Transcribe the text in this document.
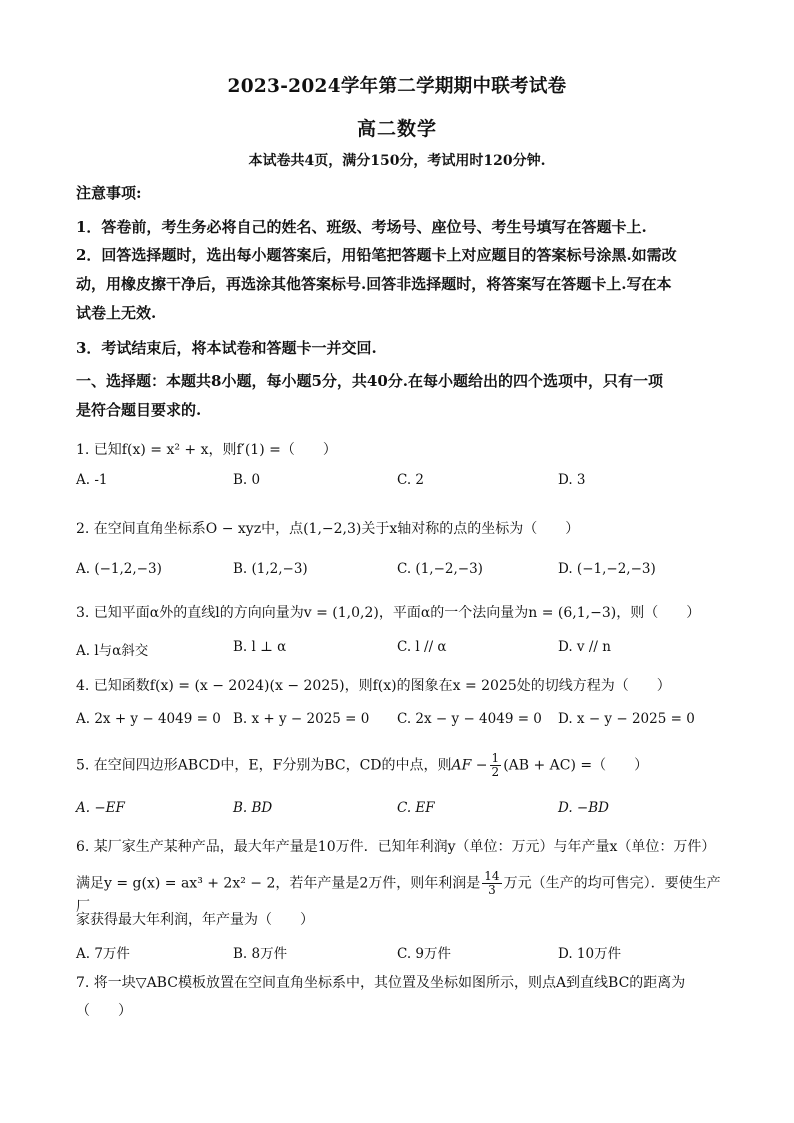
2023-2024学年第二学期期中联考试卷
高二数学
本试卷共4页，满分150分，考试用时120分钟.
注意事项:
1．答卷前，考生务必将自己的姓名、班级、考场号、座位号、考生号填写在答题卡上.
2．回答选择题时，选出每小题答案后，用铅笔把答题卡上对应题目的答案标号涂黑.如需改
动，用橡皮擦干净后，再选涂其他答案标号.回答非选择题时，将答案写在答题卡上.写在本
试卷上无效.
3．考试结束后，将本试卷和答题卡一并交回.
一、选择题：本题共8小题，每小题5分，共40分.在每小题给出的四个选项中，只有一项
是符合题目要求的.
1. 已知f(x) = x² + x，则f′(1) =（　　）
A. -1	B. 0	C. 2	D. 3
2. 在空间直角坐标系O − xyz中，点(1,−2,3)关于x轴对称的点的坐标为（　　）
A. (−1,2,−3)	B. (1,2,−3)	C. (1,−2,−3)	D. (−1,−2,−3)
3. 已知平面α外的直线l的方向向量为v = (1,0,2)，平面α的一个法向量为n = (6,1,−3)，则（　　）
A. l与α斜交	B. l ⊥ α	C. l // α	D. v // n
4. 已知函数f(x) = (x − 2024)(x − 2025)，则f(x)的图象在x = 2025处的切线方程为（　　）
A. 2x + y − 4049 = 0 B. x + y − 2025 = 0 C. 2x − y − 4049 = 0 D. x − y − 2025 = 0
5. 在空间四边形ABCD中，E，F分别为BC，CD的中点，则AF − $\frac{1}{2} (AB + AC)$ =（　　）
A. −EF	B. BD	C. EF	D. −BD
6. 某厂家生产某种产品，最大年产量是10万件．已知年利润y（单位：万元）与年产量x（单位：万件）
满足y = g(x) = ax³ + 2x² − 2，若年产量是2万件，则年利润是 $\frac{14}{3}$ 万元（生产的均可售完）．要使生产厂
家获得最大年利润，年产量为（　　）
A. 7万件	B. 8万件	C. 9万件	D. 10万件
7. 将一块▽ABC模板放置在空间直角坐标系中，其位置及坐标如图所示，则点A到直线BC的距离为
（　　）
